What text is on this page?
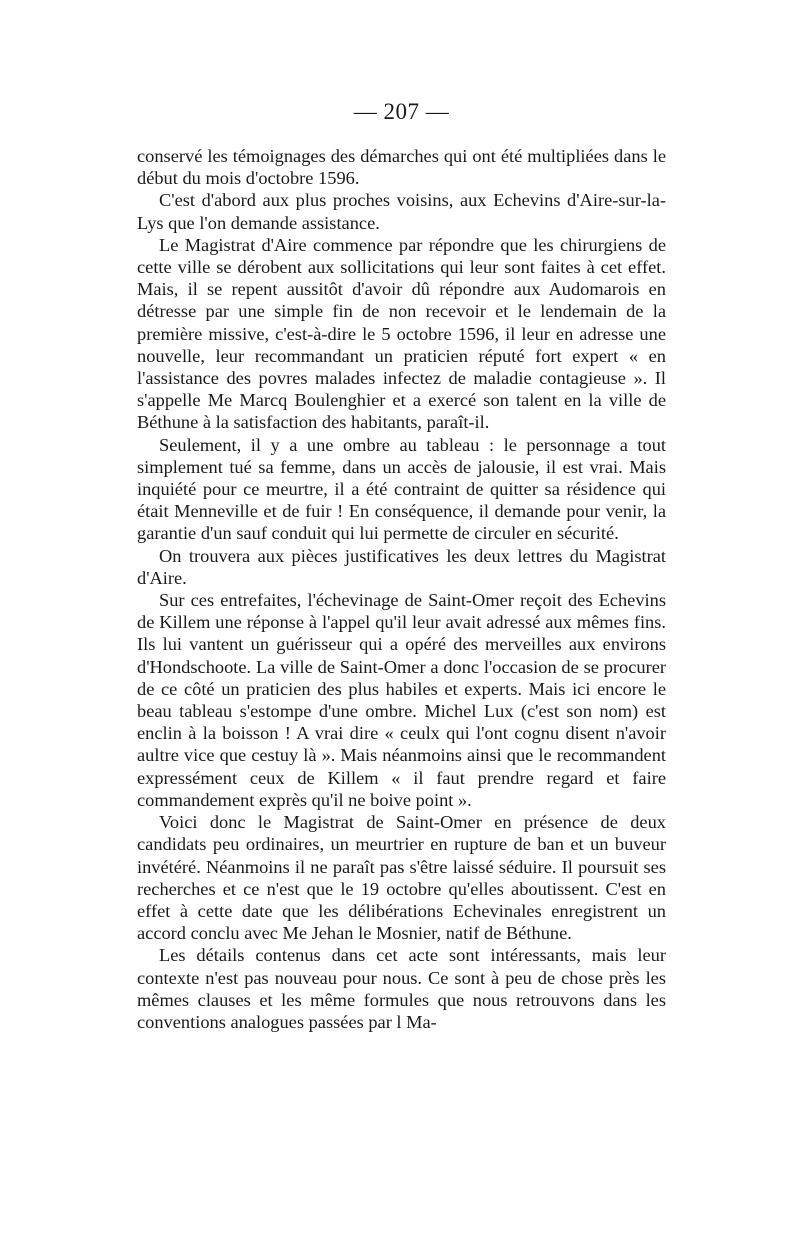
— 207 —

conservé les témoignages des démarches qui ont été multipliées dans le début du mois d'octobre 1596.

C'est d'abord aux plus proches voisins, aux Echevins d'Aire-sur-la-Lys que l'on demande assistance.

Le Magistrat d'Aire commence par répondre que les chirurgiens de cette ville se dérobent aux sollicitations qui leur sont faites à cet effet. Mais, il se repent aussitôt d'avoir dû répondre aux Audomarois en détresse par une simple fin de non recevoir et le lendemain de la première missive, c'est-à-dire le 5 octobre 1596, il leur en adresse une nouvelle, leur recommandant un praticien réputé fort expert « en l'assistance des povres malades infectez de maladie contagieuse ». Il s'appelle Me Marcq Boulenghier et a exercé son talent en la ville de Béthune à la satisfaction des habitants, paraît-il.

Seulement, il y a une ombre au tableau : le personnage a tout simplement tué sa femme, dans un accès de jalousie, il est vrai. Mais inquiété pour ce meurtre, il a été contraint de quitter sa résidence qui était Menneville et de fuir ! En conséquence, il demande pour venir, la garantie d'un sauf conduit qui lui permette de circuler en sécurité.

On trouvera aux pièces justificatives les deux lettres du Magistrat d'Aire.

Sur ces entrefaites, l'échevinage de Saint-Omer reçoit des Echevins de Killem une réponse à l'appel qu'il leur avait adressé aux mêmes fins. Ils lui vantent un guérisseur qui a opéré des merveilles aux environs d'Hondschoote. La ville de Saint-Omer a donc l'occasion de se procurer de ce côté un praticien des plus habiles et experts. Mais ici encore le beau tableau s'estompe d'une ombre. Michel Lux (c'est son nom) est enclin à la boisson ! A vrai dire « ceulx qui l'ont cognu disent n'avoir aultre vice que cestuy là ». Mais néanmoins ainsi que le recommandent expressément ceux de Killem « il faut prendre regard et faire commandement exprès qu'il ne boive point ».

Voici donc le Magistrat de Saint-Omer en présence de deux candidats peu ordinaires, un meurtrier en rupture de ban et un buveur invétéré. Néanmoins il ne paraît pas s'être laissé séduire. Il poursuit ses recherches et ce n'est que le 19 octobre qu'elles aboutissent. C'est en effet à cette date que les délibérations Echevinales enregistrent un accord conclu avec Me Jehan le Mosnier, natif de Béthune.

Les détails contenus dans cet acte sont intéressants, mais leur contexte n'est pas nouveau pour nous. Ce sont à peu de chose près les mêmes clauses et les même formules que nous retrouvons dans les conventions analogues passées par l Ma-
